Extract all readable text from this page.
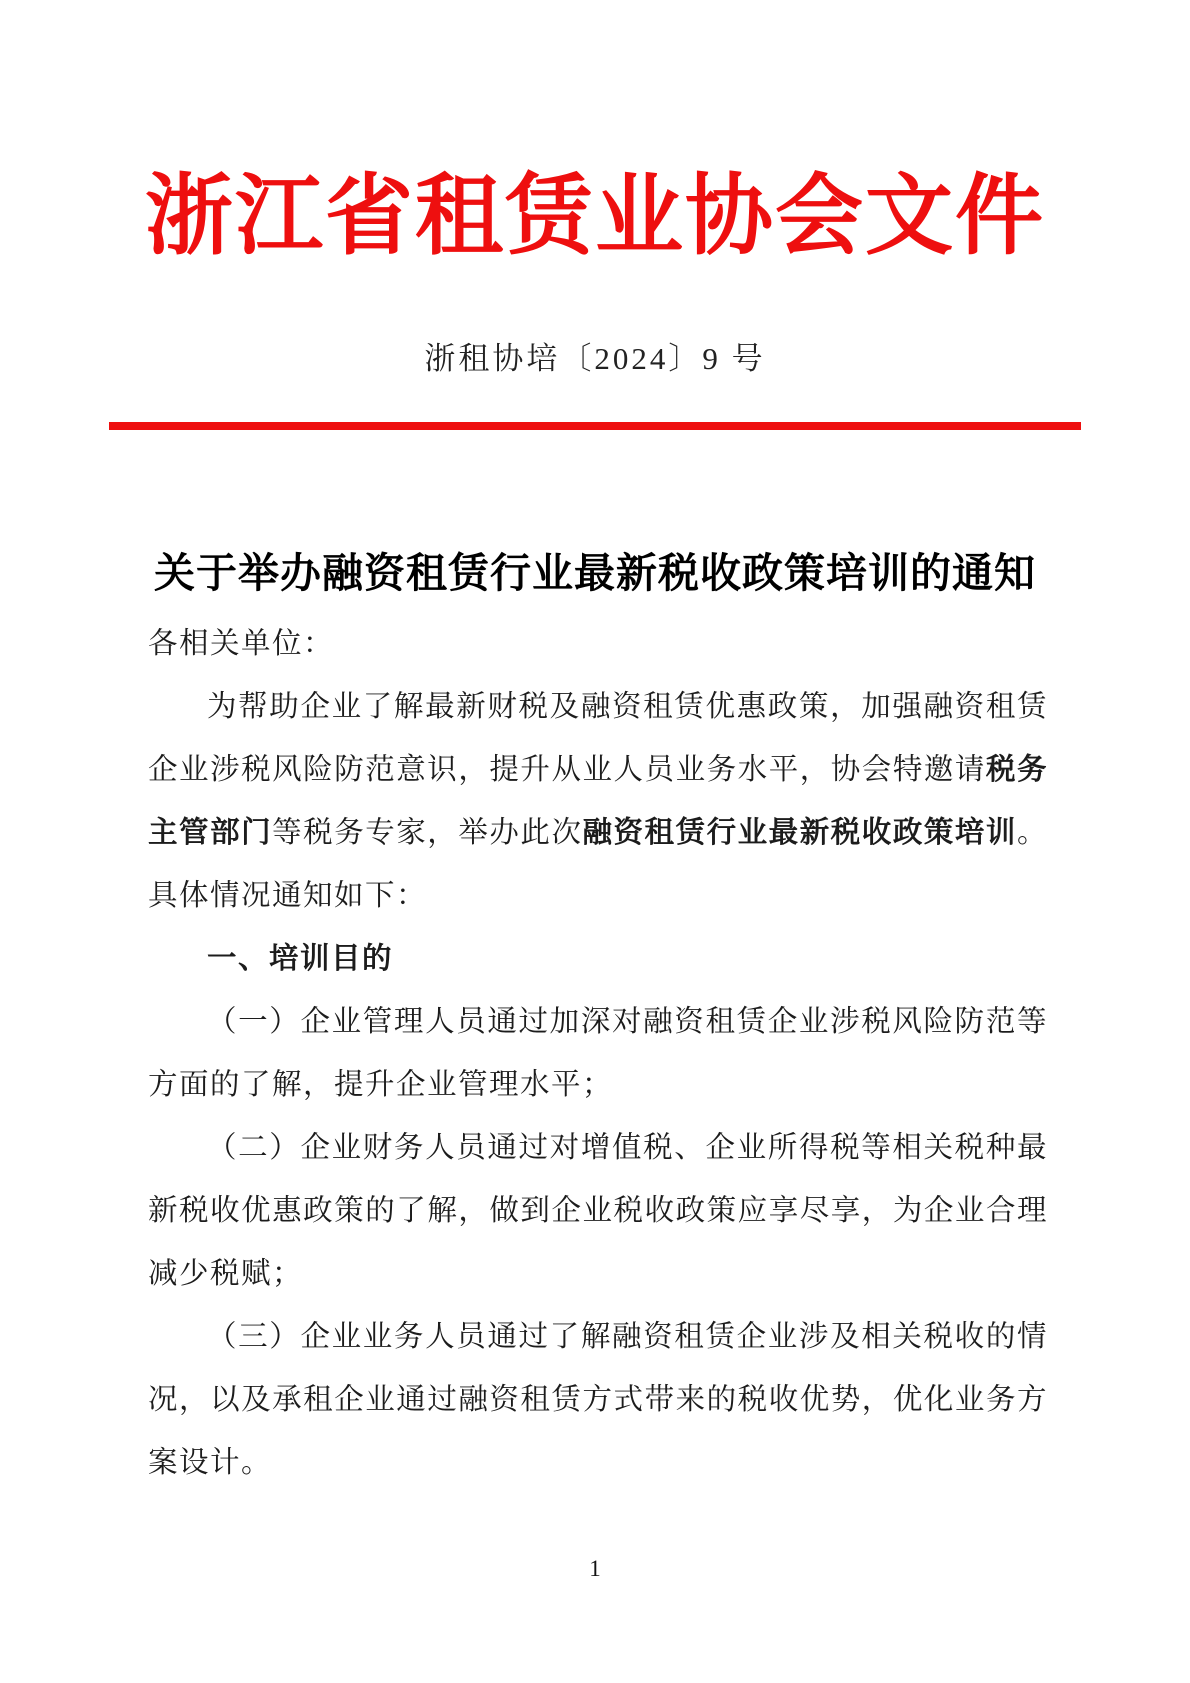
浙江省租赁业协会文件
浙租协培〔2024〕9 号
关于举办融资租赁行业最新税收政策培训的通知

各相关单位：

为帮助企业了解最新财税及融资租赁优惠政策，加强融资租赁企业涉税风险防范意识，提升从业人员业务水平，协会特邀请税务主管部门等税务专家，举办此次融资租赁行业最新税收政策培训。具体情况通知如下：

一、培训目的

（一）企业管理人员通过加深对融资租赁企业涉税风险防范等方面的了解，提升企业管理水平；

（二）企业财务人员通过对增值税、企业所得税等相关税种最新税收优惠政策的了解，做到企业税收政策应享尽享，为企业合理减少税赋；

（三）企业业务人员通过了解融资租赁企业涉及相关税收的情况，以及承租企业通过融资租赁方式带来的税收优势，优化业务方案设计。

1
